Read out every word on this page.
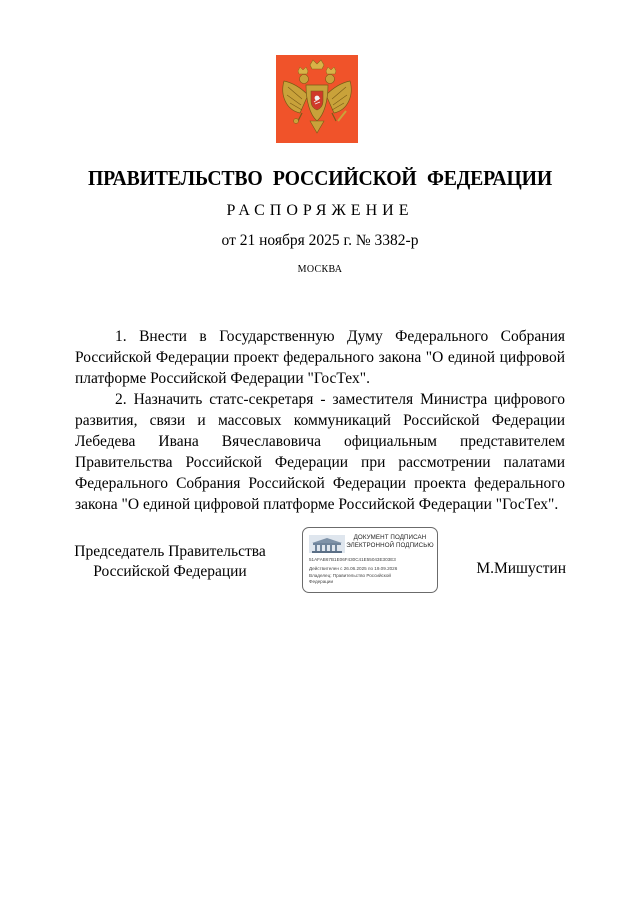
ПРАВИТЕЛЬСТВО РОССИЙСКОЙ ФЕДЕРАЦИИ
РАСПОРЯЖЕНИЕ
от 21 ноября 2025 г. № 3382-р
МОСКВА

1. Внести в Государственную Думу Федерального Собрания Российской Федерации проект федерального закона "О единой цифровой платформе Российской Федерации "ГосТех".

2. Назначить статс-секретаря - заместителя Министра цифрового развития, связи и массовых коммуникаций Российской Федерации Лебедева Ивана Вячеславовича официальным представителем Правительства Российской Федерации при рассмотрении палатами Федерального Собрания Российской Федерации проекта федерального закона "О единой цифровой платформе Российской Федерации "ГосТех".

Председатель Правительства
Российской Федерации
ДОКУМЕНТ ПОДПИСАН
ЭЛЕКТРОННОЙ ПОДПИСЬЮ
51AFAB67B1E06F430C41E55043E303E3
Действителен с 26.06.2025 по 19.09.2026
Владелец: Правительство Российской
Федерации
М.Мишустин
